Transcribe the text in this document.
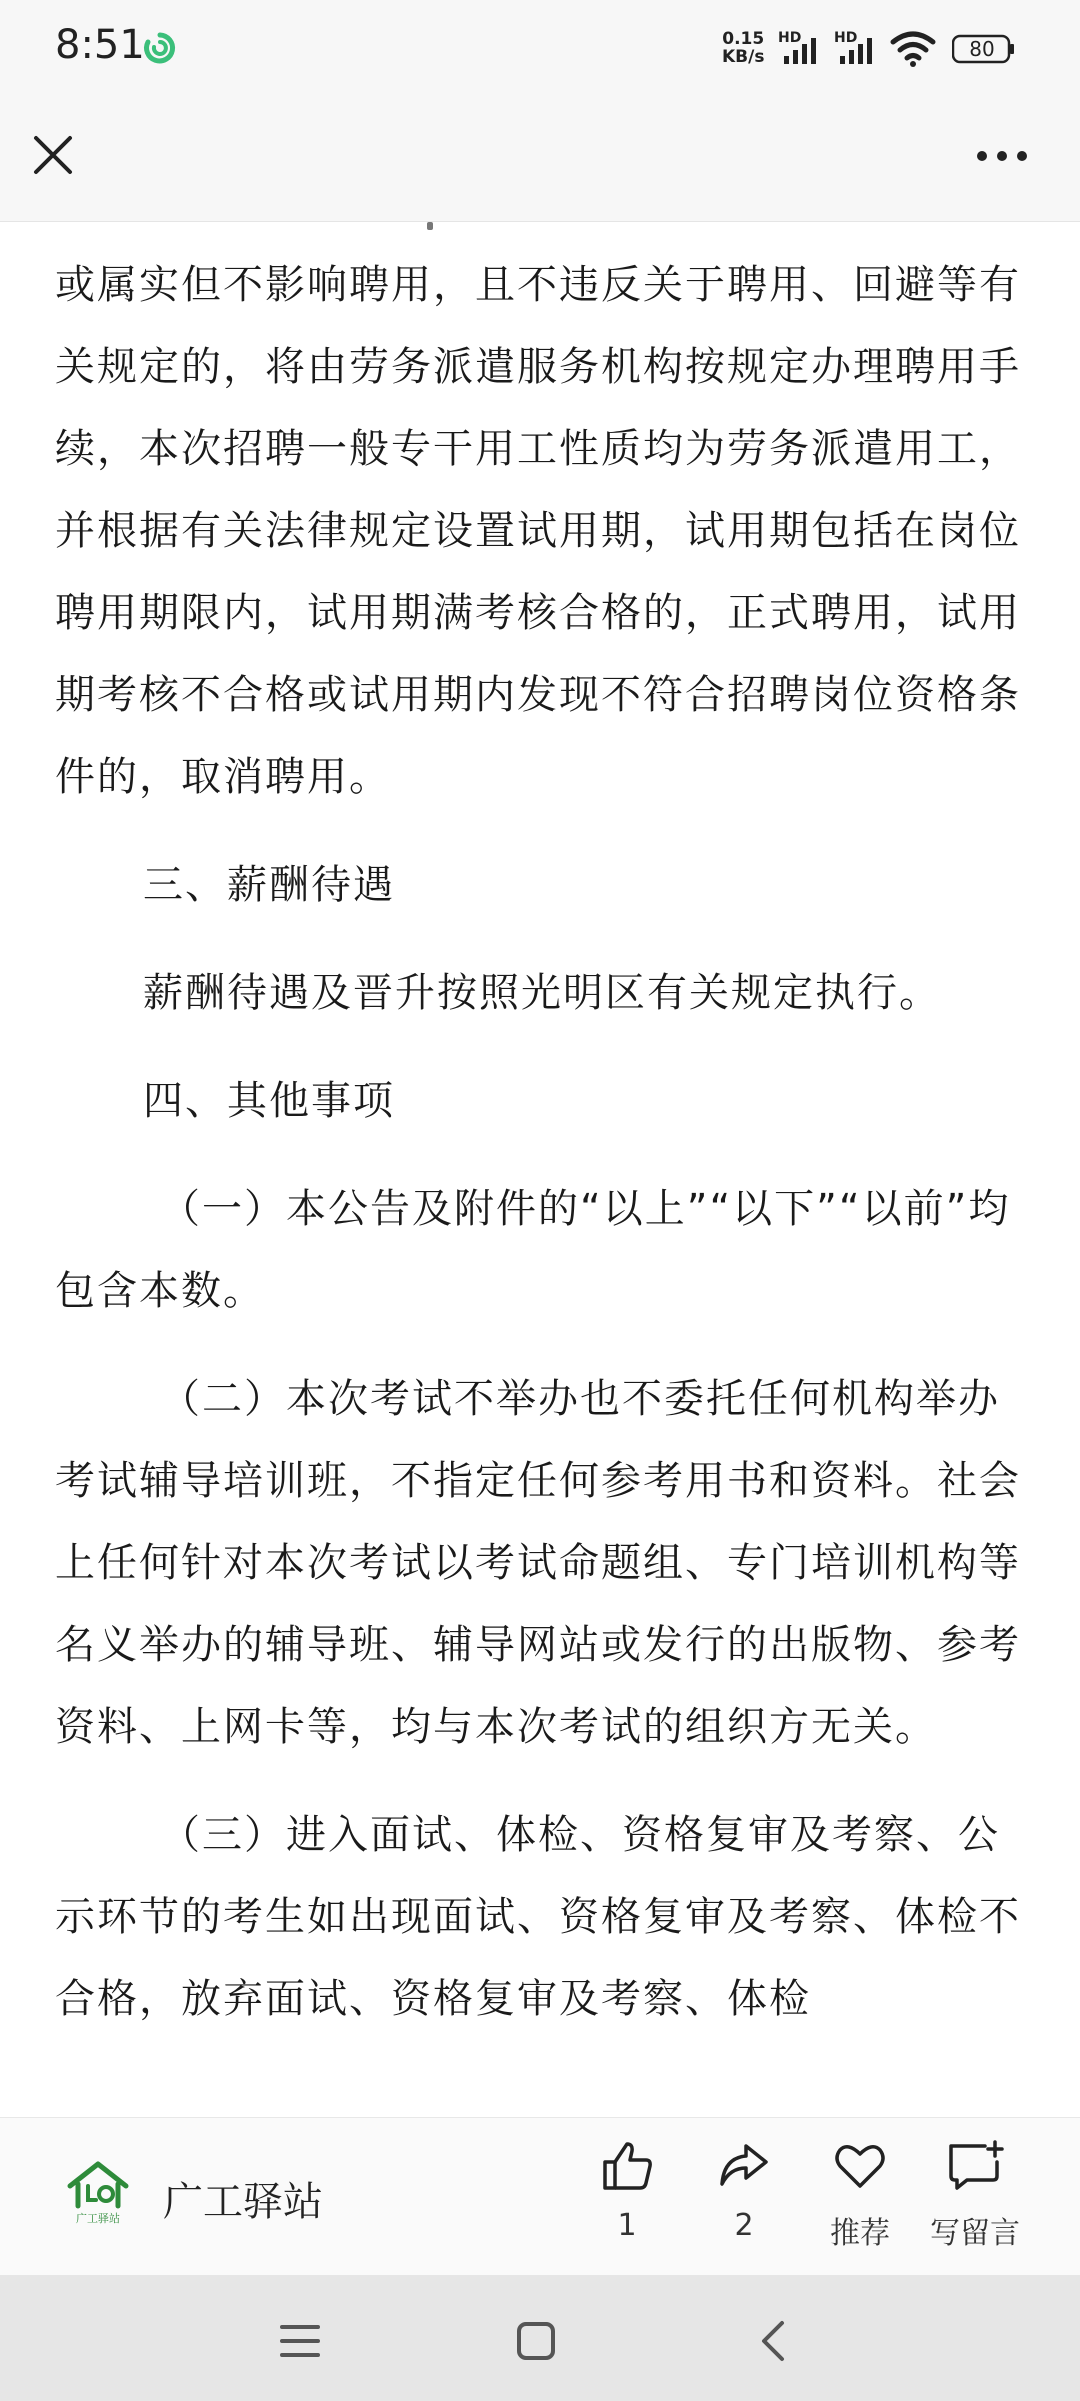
8:51	0.15
KB/s
HD HD	80

或属实但不影响聘用，且不违反关于聘用、回避等有关规定的，将由劳务派遣服务机构按规定办理聘用手续，本次招聘一般专干用工性质均为劳务派遣用工，并根据有关法律规定设置试用期，试用期包括在岗位聘用期限内，试用期满考核合格的，正式聘用，试用期考核不合格或试用期内发现不符合招聘岗位资格条件的，取消聘用。

三、薪酬待遇

薪酬待遇及晋升按照光明区有关规定执行。

四、其他事项

（一）本公告及附件的“以上”“以下”“以前”均包含本数。

（二）本次考试不举办也不委托任何机构举办考试辅导培训班，不指定任何参考用书和资料。社会上任何针对本次考试以考试命题组、专门培训机构等名义举办的辅导班、辅导网站或发行的出版物、参考资料、上网卡等，均与本次考试的组织方无关。

（三）进入面试、体检、资格复审及考察、公示环节的考生如出现面试、资格复审及考察、体检不合格，放弃面试、资格复审及考察、体检

广工驿站 广工驿站
1	2	推荐	写留言
